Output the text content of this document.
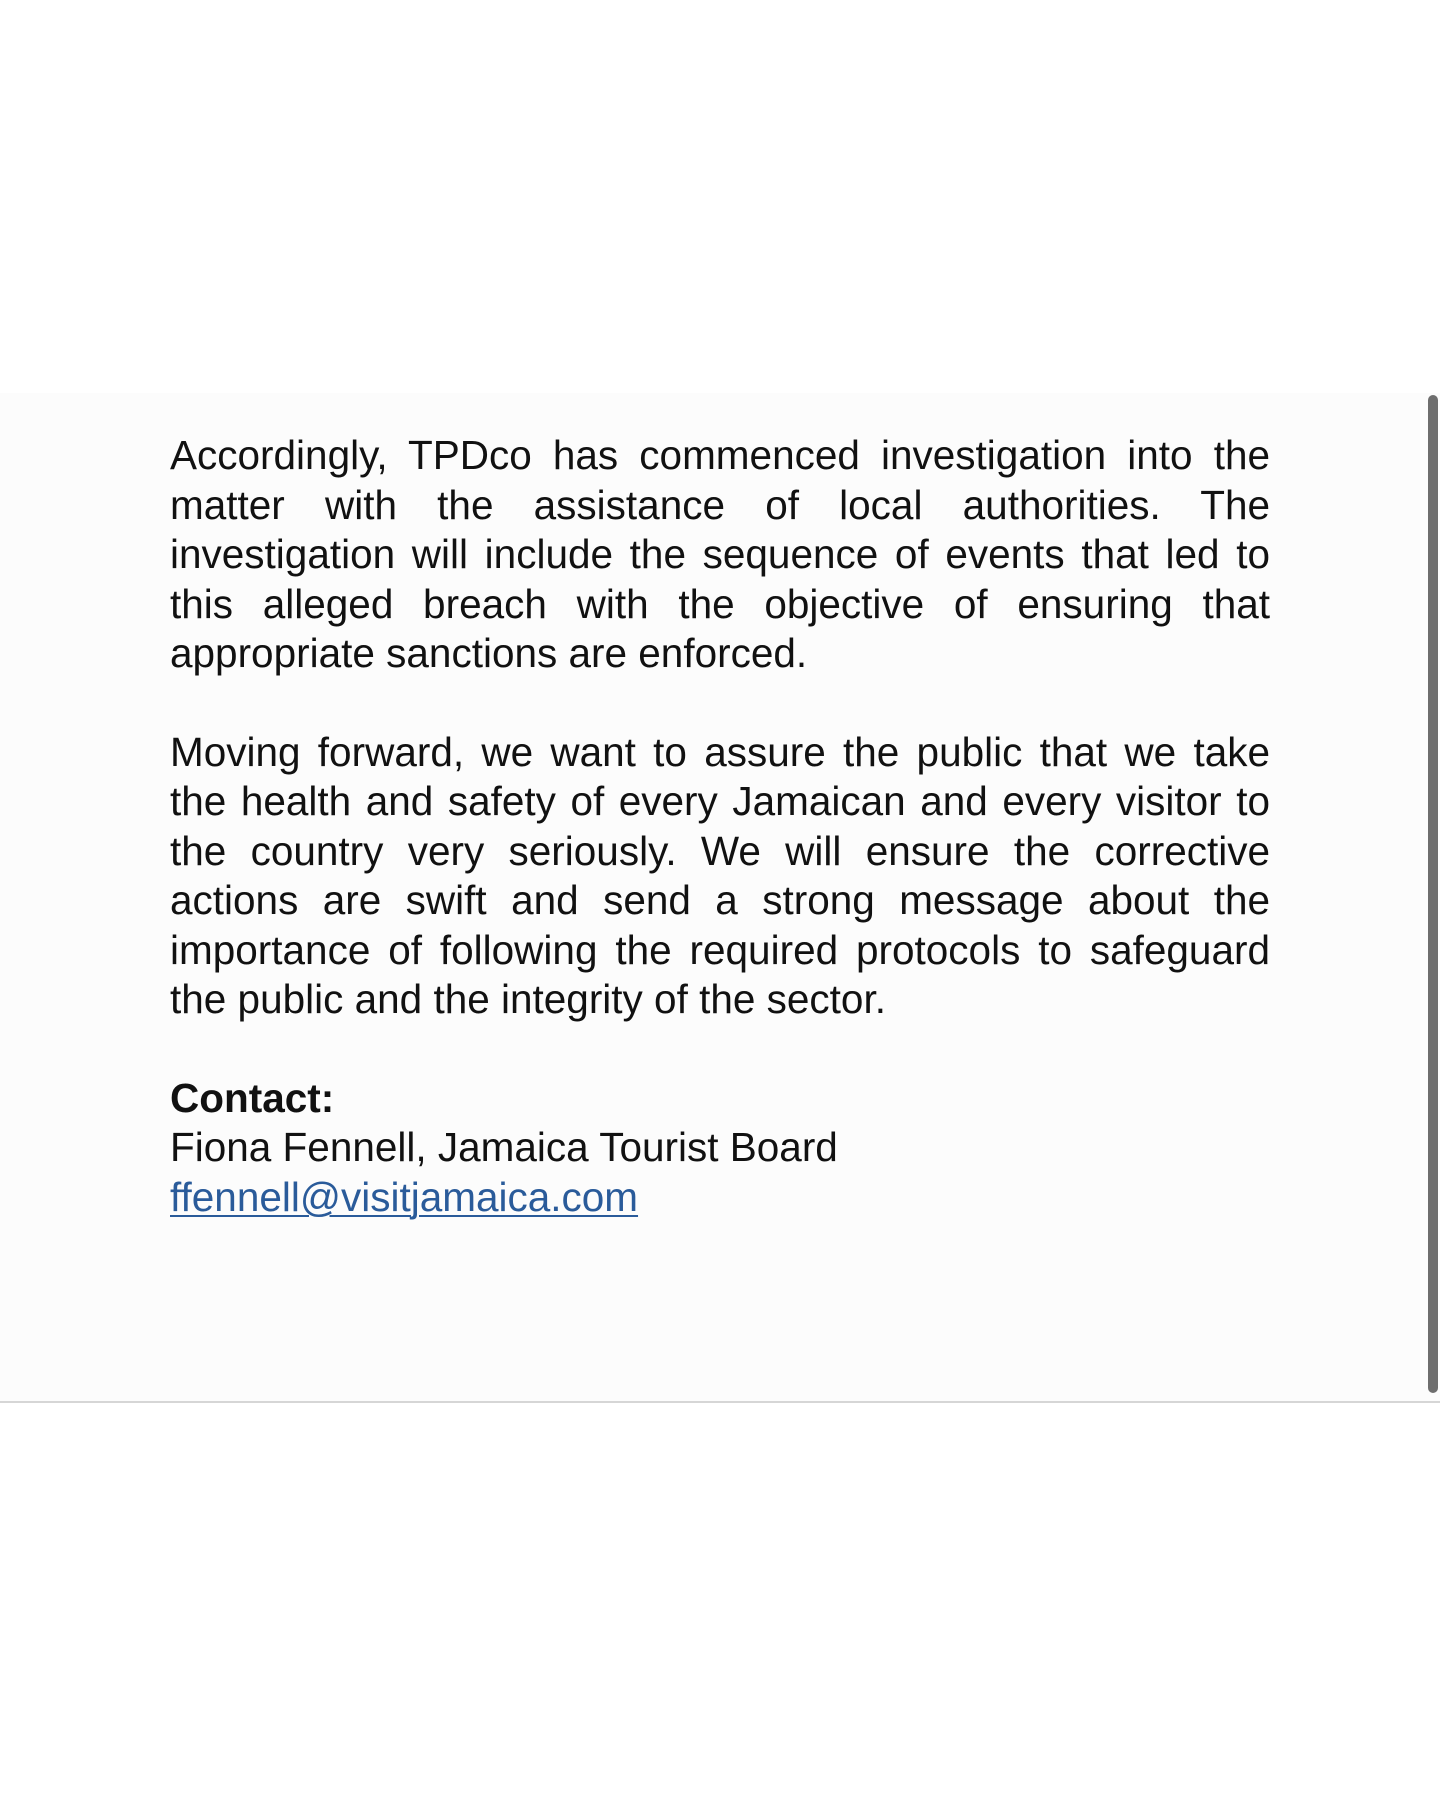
Accordingly, TPDco has commenced investigation into the matter with the assistance of local authorities. The investigation will include the sequence of events that led to this alleged breach with the objective of ensuring that appropriate sanctions are enforced.

Moving forward, we want to assure the public that we take the health and safety of every Jamaican and every visitor to the country very seriously. We will ensure the corrective actions are swift and send a strong message about the importance of following the required protocols to safeguard the public and the integrity of the sector.

Contact:

Fiona Fennell, Jamaica Tourist Board

ffennell@visitjamaica.com
